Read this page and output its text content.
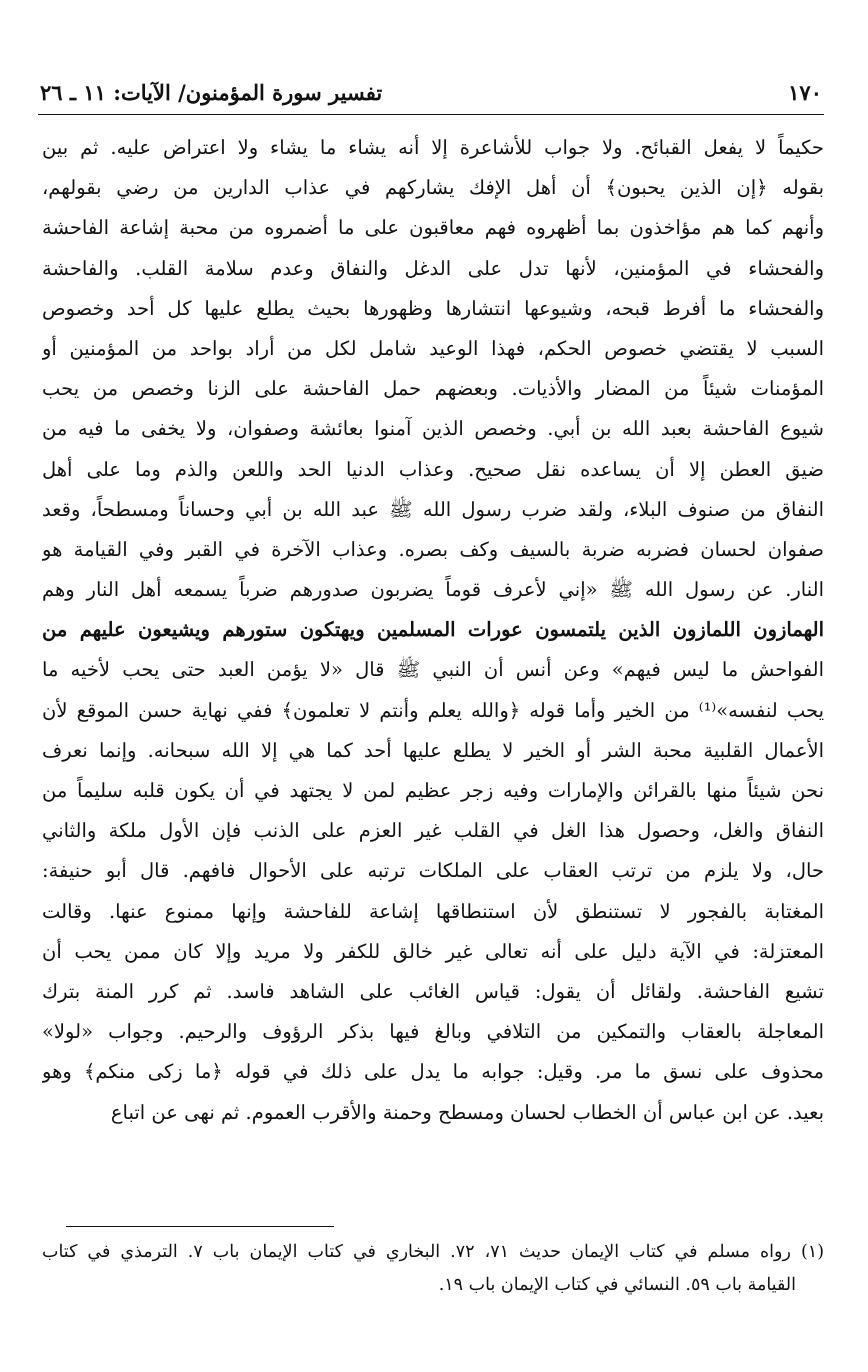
١٧٠
تفسير سورة المؤمنون/ الآيات: ١١ ـ ٢٦
حكيماً لا يفعل القبائح. ولا جواب للأشاعرة إلا أنه يشاء ما يشاء ولا اعتراض عليه. ثم بين
بقوله ﴿إن الذين يحبون﴾ أن أهل الإفك يشاركهم في عذاب الدارين من رضي بقولهم،
وأنهم كما هم مؤاخذون بما أظهروه فهم معاقبون على ما أضمروه من محبة إشاعة الفاحشة
والفحشاء في المؤمنين، لأنها تدل على الدغل والنفاق وعدم سلامة القلب. والفاحشة
والفحشاء ما أفرط قبحه، وشيوعها انتشارها وظهورها بحيث يطلع عليها كل أحد وخصوص
السبب لا يقتضي خصوص الحكم، فهذا الوعيد شامل لكل من أراد بواحد من المؤمنين أو
المؤمنات شيئاً من المضار والأذيات. وبعضهم حمل الفاحشة على الزنا وخصص من يحب
شيوع الفاحشة بعبد الله بن أبي. وخصص الذين آمنوا بعائشة وصفوان، ولا يخفى ما فيه من
ضيق العطن إلا أن يساعده نقل صحيح. وعذاب الدنيا الحد واللعن والذم وما على أهل
النفاق من صنوف البلاء، ولقد ضرب رسول الله ﷺ عبد الله بن أبي وحساناً ومسطحاً، وقعد
صفوان لحسان فضربه ضربة بالسيف وكف بصره. وعذاب الآخرة في القبر وفي القيامة هو
النار. عن رسول الله ﷺ «إني لأعرف قوماً يضربون صدورهم ضرباً يسمعه أهل النار وهم
الهمازون اللمازون الذين يلتمسون عورات المسلمين ويهتكون ستورهم ويشيعون عليهم من
الفواحش ما ليس فيهم» وعن أنس أن النبي ﷺ قال «لا يؤمن العبد حتى يحب لأخيه ما
يحب لنفسه»⁽¹⁾ من الخير وأما قوله ﴿والله يعلم وأنتم لا تعلمون﴾ ففي نهاية حسن الموقع لأن
الأعمال القلبية محبة الشر أو الخير لا يطلع عليها أحد كما هي إلا الله سبحانه. وإنما نعرف
نحن شيئاً منها بالقرائن والإمارات وفيه زجر عظيم لمن لا يجتهد في أن يكون قلبه سليماً من
النفاق والغل، وحصول هذا الغل في القلب غير العزم على الذنب فإن الأول ملكة والثاني
حال، ولا يلزم من ترتب العقاب على الملكات ترتبه على الأحوال فافهم. قال أبو حنيفة:
المغتابة بالفجور لا تستنطق لأن استنطاقها إشاعة للفاحشة وإنها ممنوع عنها. وقالت
المعتزلة: في الآية دليل على أنه تعالى غير خالق للكفر ولا مريد وإلا كان ممن يحب أن
تشيع الفاحشة. ولقائل أن يقول: قياس الغائب على الشاهد فاسد. ثم كرر المنة بترك
المعاجلة بالعقاب والتمكين من التلافي وبالغ فيها بذكر الرؤوف والرحيم. وجواب «لولا»
محذوف على نسق ما مر. وقيل: جوابه ما يدل على ذلك في قوله ﴿ما زكى منكم﴾ وهو
بعيد. عن ابن عباس أن الخطاب لحسان ومسطح وحمنة والأقرب العموم. ثم نهى عن اتباع
(١) رواه مسلم في كتاب الإيمان حديث ٧١، ٧٢. البخاري في كتاب الإيمان باب ٧. الترمذي في كتاب
القيامة باب ٥٩. النسائي في كتاب الإيمان باب ١٩.
